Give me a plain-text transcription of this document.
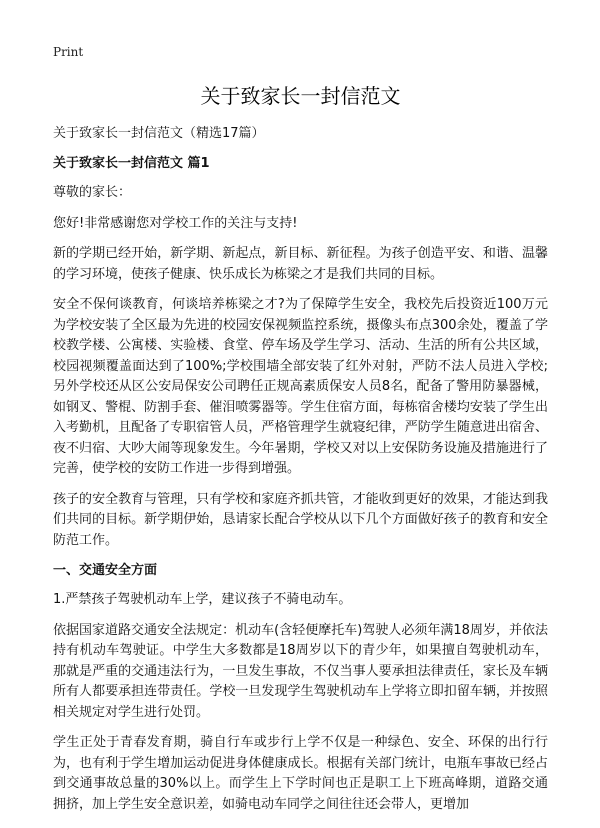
Print
关于致家长一封信范文

关于致家长一封信范文（精选17篇）

关于致家长一封信范文 篇1

尊敬的家长：

您好!非常感谢您对学校工作的关注与支持!

新的学期已经开始，新学期、新起点，新目标、新征程。为孩子创造平安、和谐、温馨的学习环境，使孩子健康、快乐成长为栋梁之才是我们共同的目标。

安全不保何谈教育，何谈培养栋梁之才?为了保障学生安全，我校先后投资近100万元为学校安装了全区最为先进的校园安保视频监控系统，摄像头布点300余处，覆盖了学校教学楼、公寓楼、实验楼、食堂、停车场及学生学习、活动、生活的所有公共区域，校园视频覆盖面达到了100%;学校围墙全部安装了红外对射，严防不法人员进入学校;另外学校还从区公安局保安公司聘任正规高素质保安人员8名，配备了警用防暴器械，如钢叉、警棍、防割手套、催泪喷雾器等。学生住宿方面，每栋宿舍楼均安装了学生出入考勤机，且配备了专职宿管人员，严格管理学生就寝纪律，严防学生随意进出宿舍、夜不归宿、大吵大闹等现象发生。今年暑期，学校又对以上安保防务设施及措施进行了完善，使学校的安防工作进一步得到增强。

孩子的安全教育与管理，只有学校和家庭齐抓共管，才能收到更好的效果，才能达到我们共同的目标。新学期伊始，恳请家长配合学校从以下几个方面做好孩子的教育和安全防范工作。

一、交通安全方面

1.严禁孩子驾驶机动车上学，建议孩子不骑电动车。

依据国家道路交通安全法规定：机动车(含轻便摩托车)驾驶人必须年满18周岁，并依法持有机动车驾驶证。中学生大多数都是18周岁以下的青少年，如果擅自驾驶机动车，那就是严重的交通违法行为，一旦发生事故，不仅当事人要承担法律责任，家长及车辆所有人都要承担连带责任。学校一旦发现学生驾驶机动车上学将立即扣留车辆，并按照相关规定对学生进行处罚。

学生正处于青春发育期，骑自行车或步行上学不仅是一种绿色、安全、环保的出行行为，也有利于学生增加运动促进身体健康成长。根据有关部门统计，电瓶车事故已经占到交通事故总量的30%以上。而学生上下学时间也正是职工上下班高峰期，道路交通拥挤，加上学生安全意识差，如骑电动车同学之间往往还会带人，更增加
